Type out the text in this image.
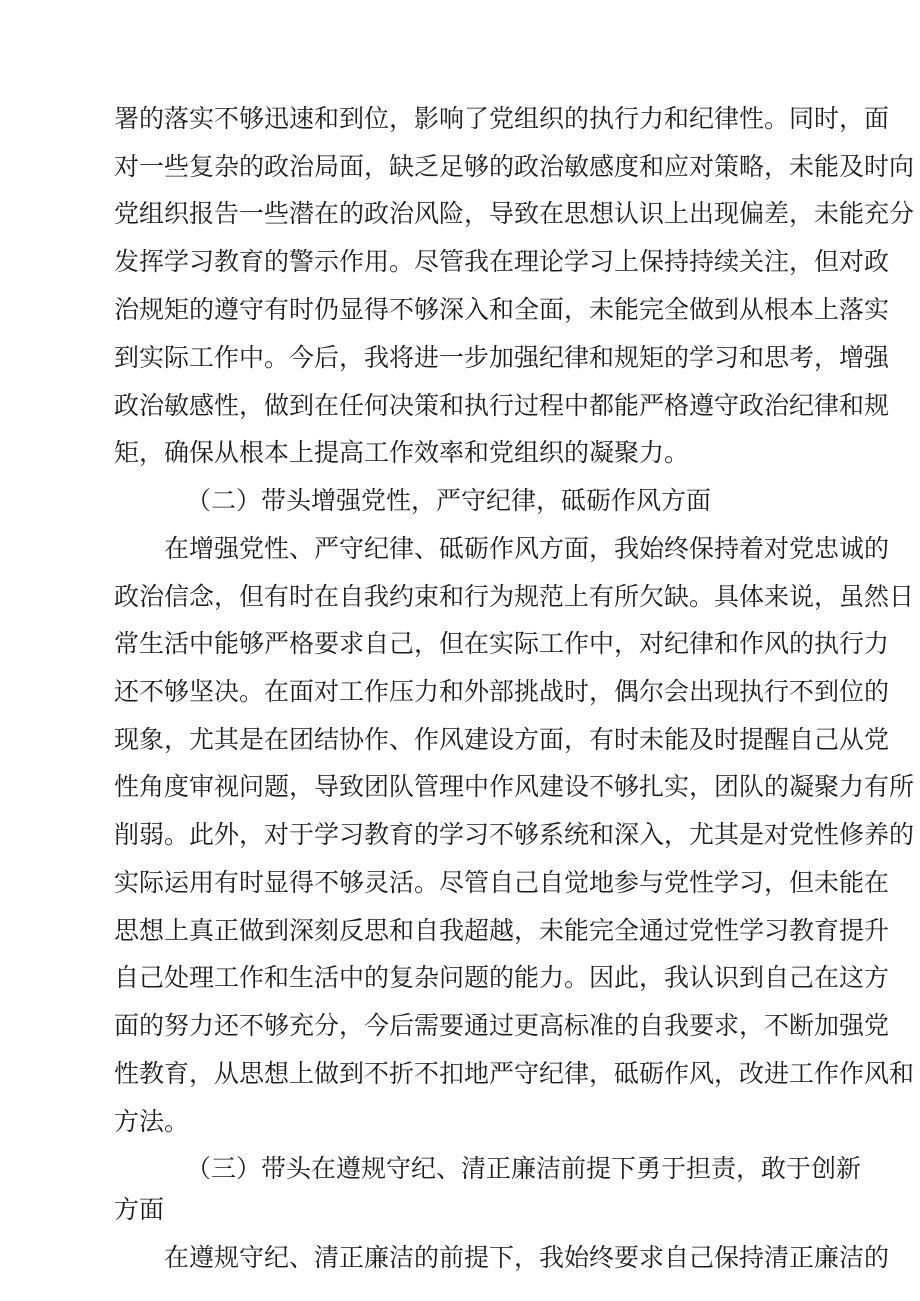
署的落实不够迅速和到位，影响了党组织的执行力和纪律性。同时，面
对一些复杂的政治局面，缺乏足够的政治敏感度和应对策略，未能及时向
党组织报告一些潜在的政治风险，导致在思想认识上出现偏差，未能充分
发挥学习教育的警示作用。尽管我在理论学习上保持持续关注，但对政
治规矩的遵守有时仍显得不够深入和全面，未能完全做到从根本上落实
到实际工作中。今后，我将进一步加强纪律和规矩的学习和思考，增强
政治敏感性，做到在任何决策和执行过程中都能严格遵守政治纪律和规
矩，确保从根本上提高工作效率和党组织的凝聚力。
（二）带头增强党性，严守纪律，砥砺作风方面
在增强党性、严守纪律、砥砺作风方面，我始终保持着对党忠诚的
政治信念，但有时在自我约束和行为规范上有所欠缺。具体来说，虽然日
常生活中能够严格要求自己，但在实际工作中，对纪律和作风的执行力
还不够坚决。在面对工作压力和外部挑战时，偶尔会出现执行不到位的
现象，尤其是在团结协作、作风建设方面，有时未能及时提醒自己从党
性角度审视问题，导致团队管理中作风建设不够扎实，团队的凝聚力有所
削弱。此外，对于学习教育的学习不够系统和深入，尤其是对党性修养的
实际运用有时显得不够灵活。尽管自己自觉地参与党性学习，但未能在
思想上真正做到深刻反思和自我超越，未能完全通过党性学习教育提升
自己处理工作和生活中的复杂问题的能力。因此，我认识到自己在这方
面的努力还不够充分，今后需要通过更高标准的自我要求，不断加强党
性教育，从思想上做到不折不扣地严守纪律，砥砺作风，改进工作作风和
方法。
（三）带头在遵规守纪、清正廉洁前提下勇于担责，敢于创新
方面
在遵规守纪、清正廉洁的前提下，我始终要求自己保持清正廉洁的
